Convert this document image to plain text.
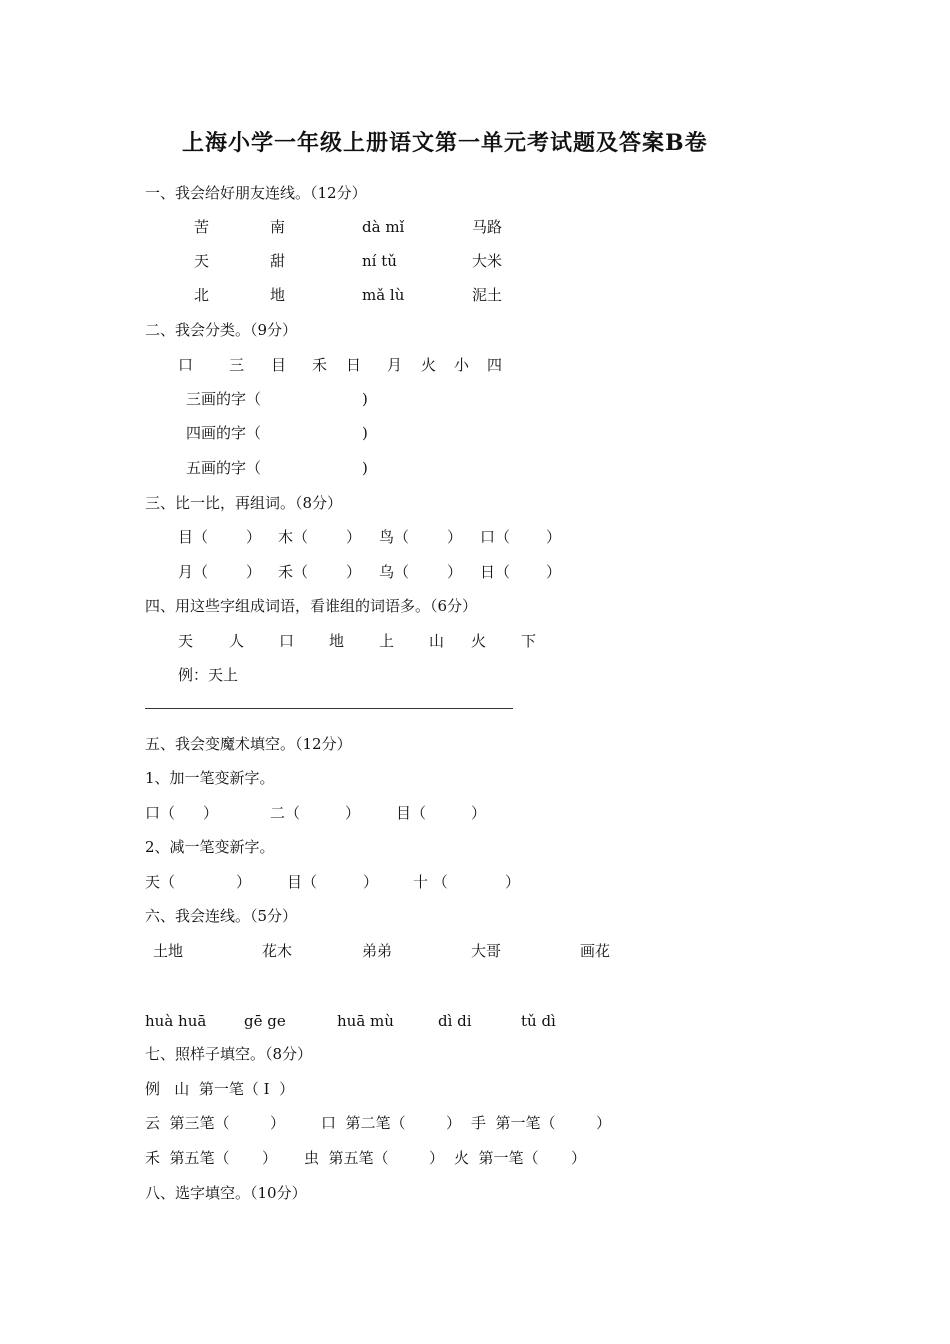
上海小学一年级上册语文第一单元考试题及答案B卷
一、我会给好朋友连线。（12分）
苦	南	dà mǐ	马路
天	甜	ní tǔ	大米
北	地	mǎ lù	泥土
二、我会分类。（9分）
口 三 目 禾 日 月 火 小 四
三画的字（	)
四画的字（	)
五画的字（	)
三、比一比，再组词。（8分）
目（	） 木（	） 鸟（	） 口（ ）
月（	） 禾（	） 乌（	） 日（ ）
四、用这些字组成词语，看谁组的词语多。（6分）
天 人 口 地 上 山 火 下
例：天上
五、我会变魔术填空。（12分）
1、加一笔变新字。
口（ ）	二（	） 目（	）
2、减一笔变新字。
天（	） 目（	） 十 （	）
六、我会连线。（5分）
土地	花木	弟弟	大哥	画花
huà huā	gē ge	huā mù	dì di	tǔ dì
七、照样子填空。（8分）
例   山  第一笔（ I  ）
云  第三笔（	） 口  第二笔（	） 手  第一笔（	）
禾  第五笔（ ） 虫  第五笔（	） 火  第一笔（ ）
八、选字填空。（10分）
